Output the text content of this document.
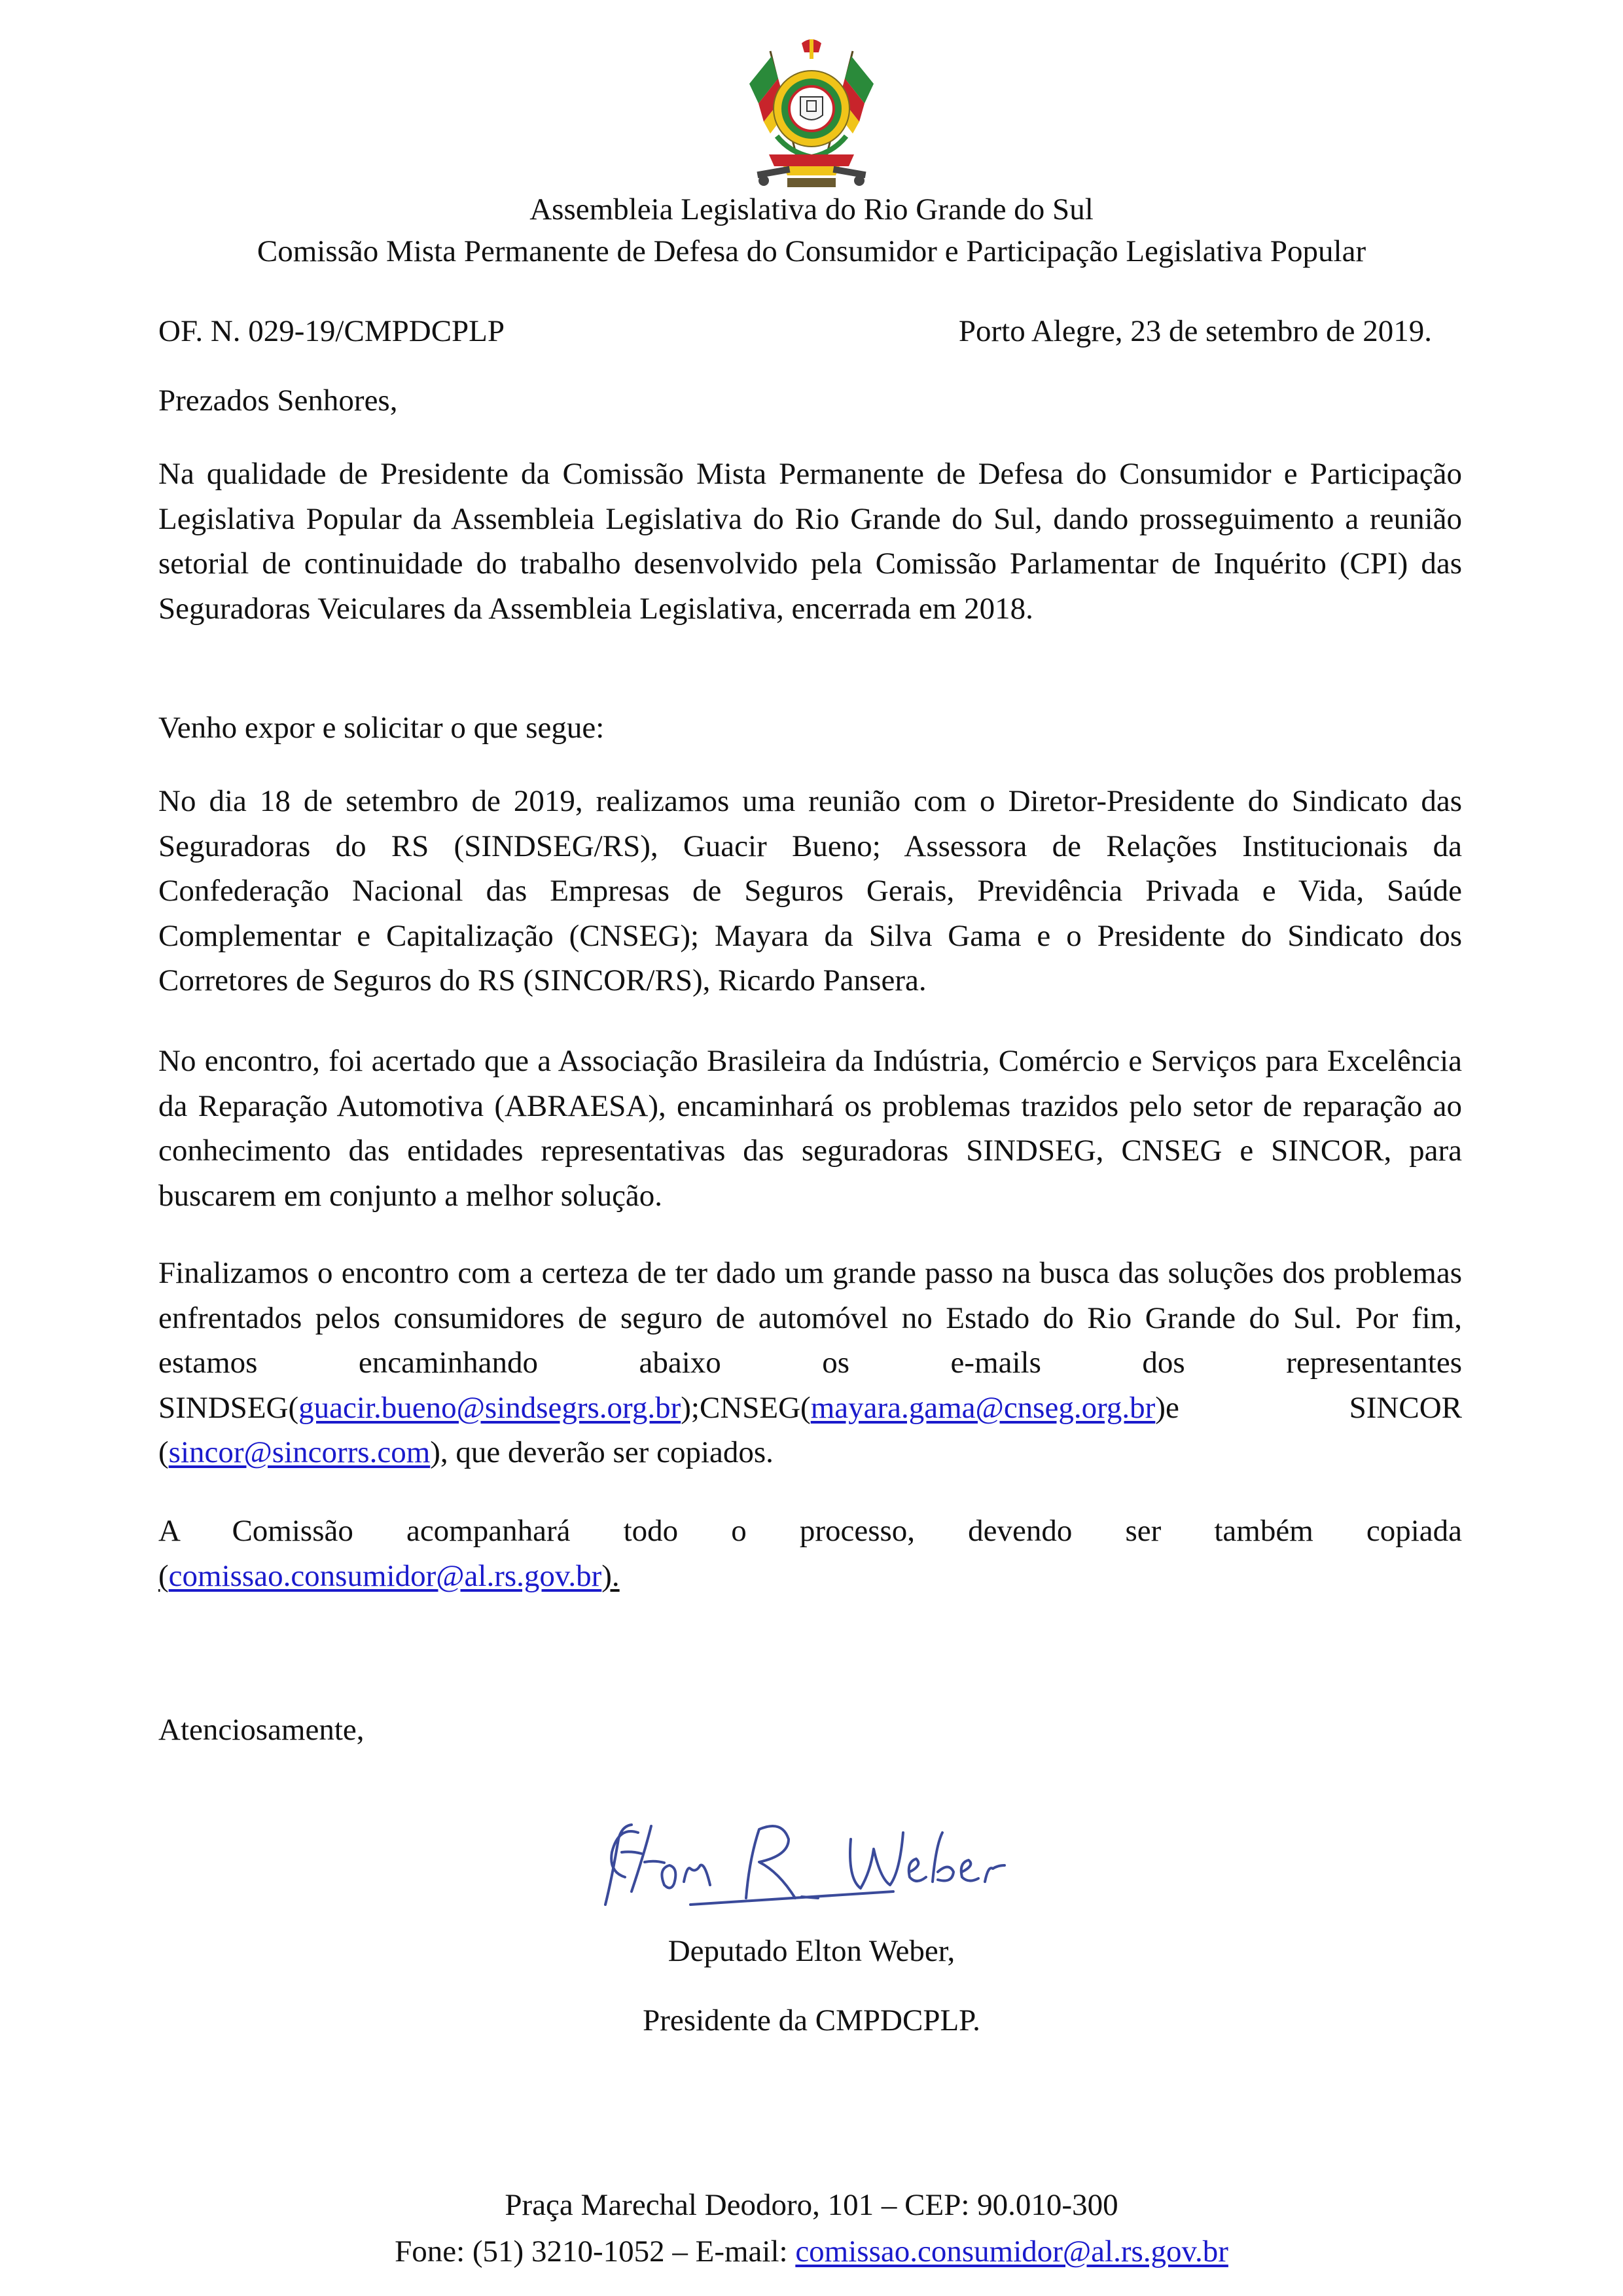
Assembleia Legislativa do Rio Grande do Sul
Comissão Mista Permanente de Defesa do Consumidor e Participação Legislativa Popular
OF. N. 029-19/CMPDCPLP	Porto Alegre, 23 de setembro de 2019.

Prezados Senhores,

Na qualidade de Presidente da Comissão Mista Permanente de Defesa do Consumidor e Participação Legislativa Popular da Assembleia Legislativa do Rio Grande do Sul, dando prosseguimento a reunião setorial de continuidade do trabalho desenvolvido pela Comissão Parlamentar de Inquérito (CPI) das Seguradoras Veiculares da Assembleia Legislativa, encerrada em 2018.

Venho expor e solicitar o que segue:

No dia 18 de setembro de 2019, realizamos uma reunião com o Diretor-Presidente do Sindicato das Seguradoras do RS (SINDSEG/RS), Guacir Bueno; Assessora de Relações Institucionais da Confederação Nacional das Empresas de Seguros Gerais, Previdência Privada e Vida, Saúde Complementar e Capitalização (CNSEG); Mayara da Silva Gama e o Presidente do Sindicato dos Corretores de Seguros do RS (SINCOR/RS), Ricardo Pansera.

No encontro, foi acertado que a Associação Brasileira da Indústria, Comércio e Serviços para Excelência da Reparação Automotiva (ABRAESA), encaminhará os problemas trazidos pelo setor de reparação ao conhecimento das entidades representativas das seguradoras SINDSEG, CNSEG e SINCOR, para buscarem em conjunto a melhor solução.

Finalizamos o encontro com a certeza de ter dado um grande passo na busca das soluções dos problemas enfrentados pelos consumidores de seguro de automóvel no Estado do Rio Grande do Sul. Por fim, estamos encaminhando abaixo os e-mails dos representantes SINDSEG(guacir.bueno@sindsegrs.org.br);CNSEG(mayara.gama@cnseg.org.br)e SINCOR (sincor@sincorrs.com), que deverão ser copiados.

A Comissão acompanhará todo o processo, devendo ser também copiada (comissao.consumidor@al.rs.gov.br).

Atenciosamente,

Deputado Elton Weber,
Presidente da CMPDCPLP.
Praça Marechal Deodoro, 101 – CEP: 90.010-300
Fone: (51) 3210-1052 – E-mail: comissao.consumidor@al.rs.gov.br
